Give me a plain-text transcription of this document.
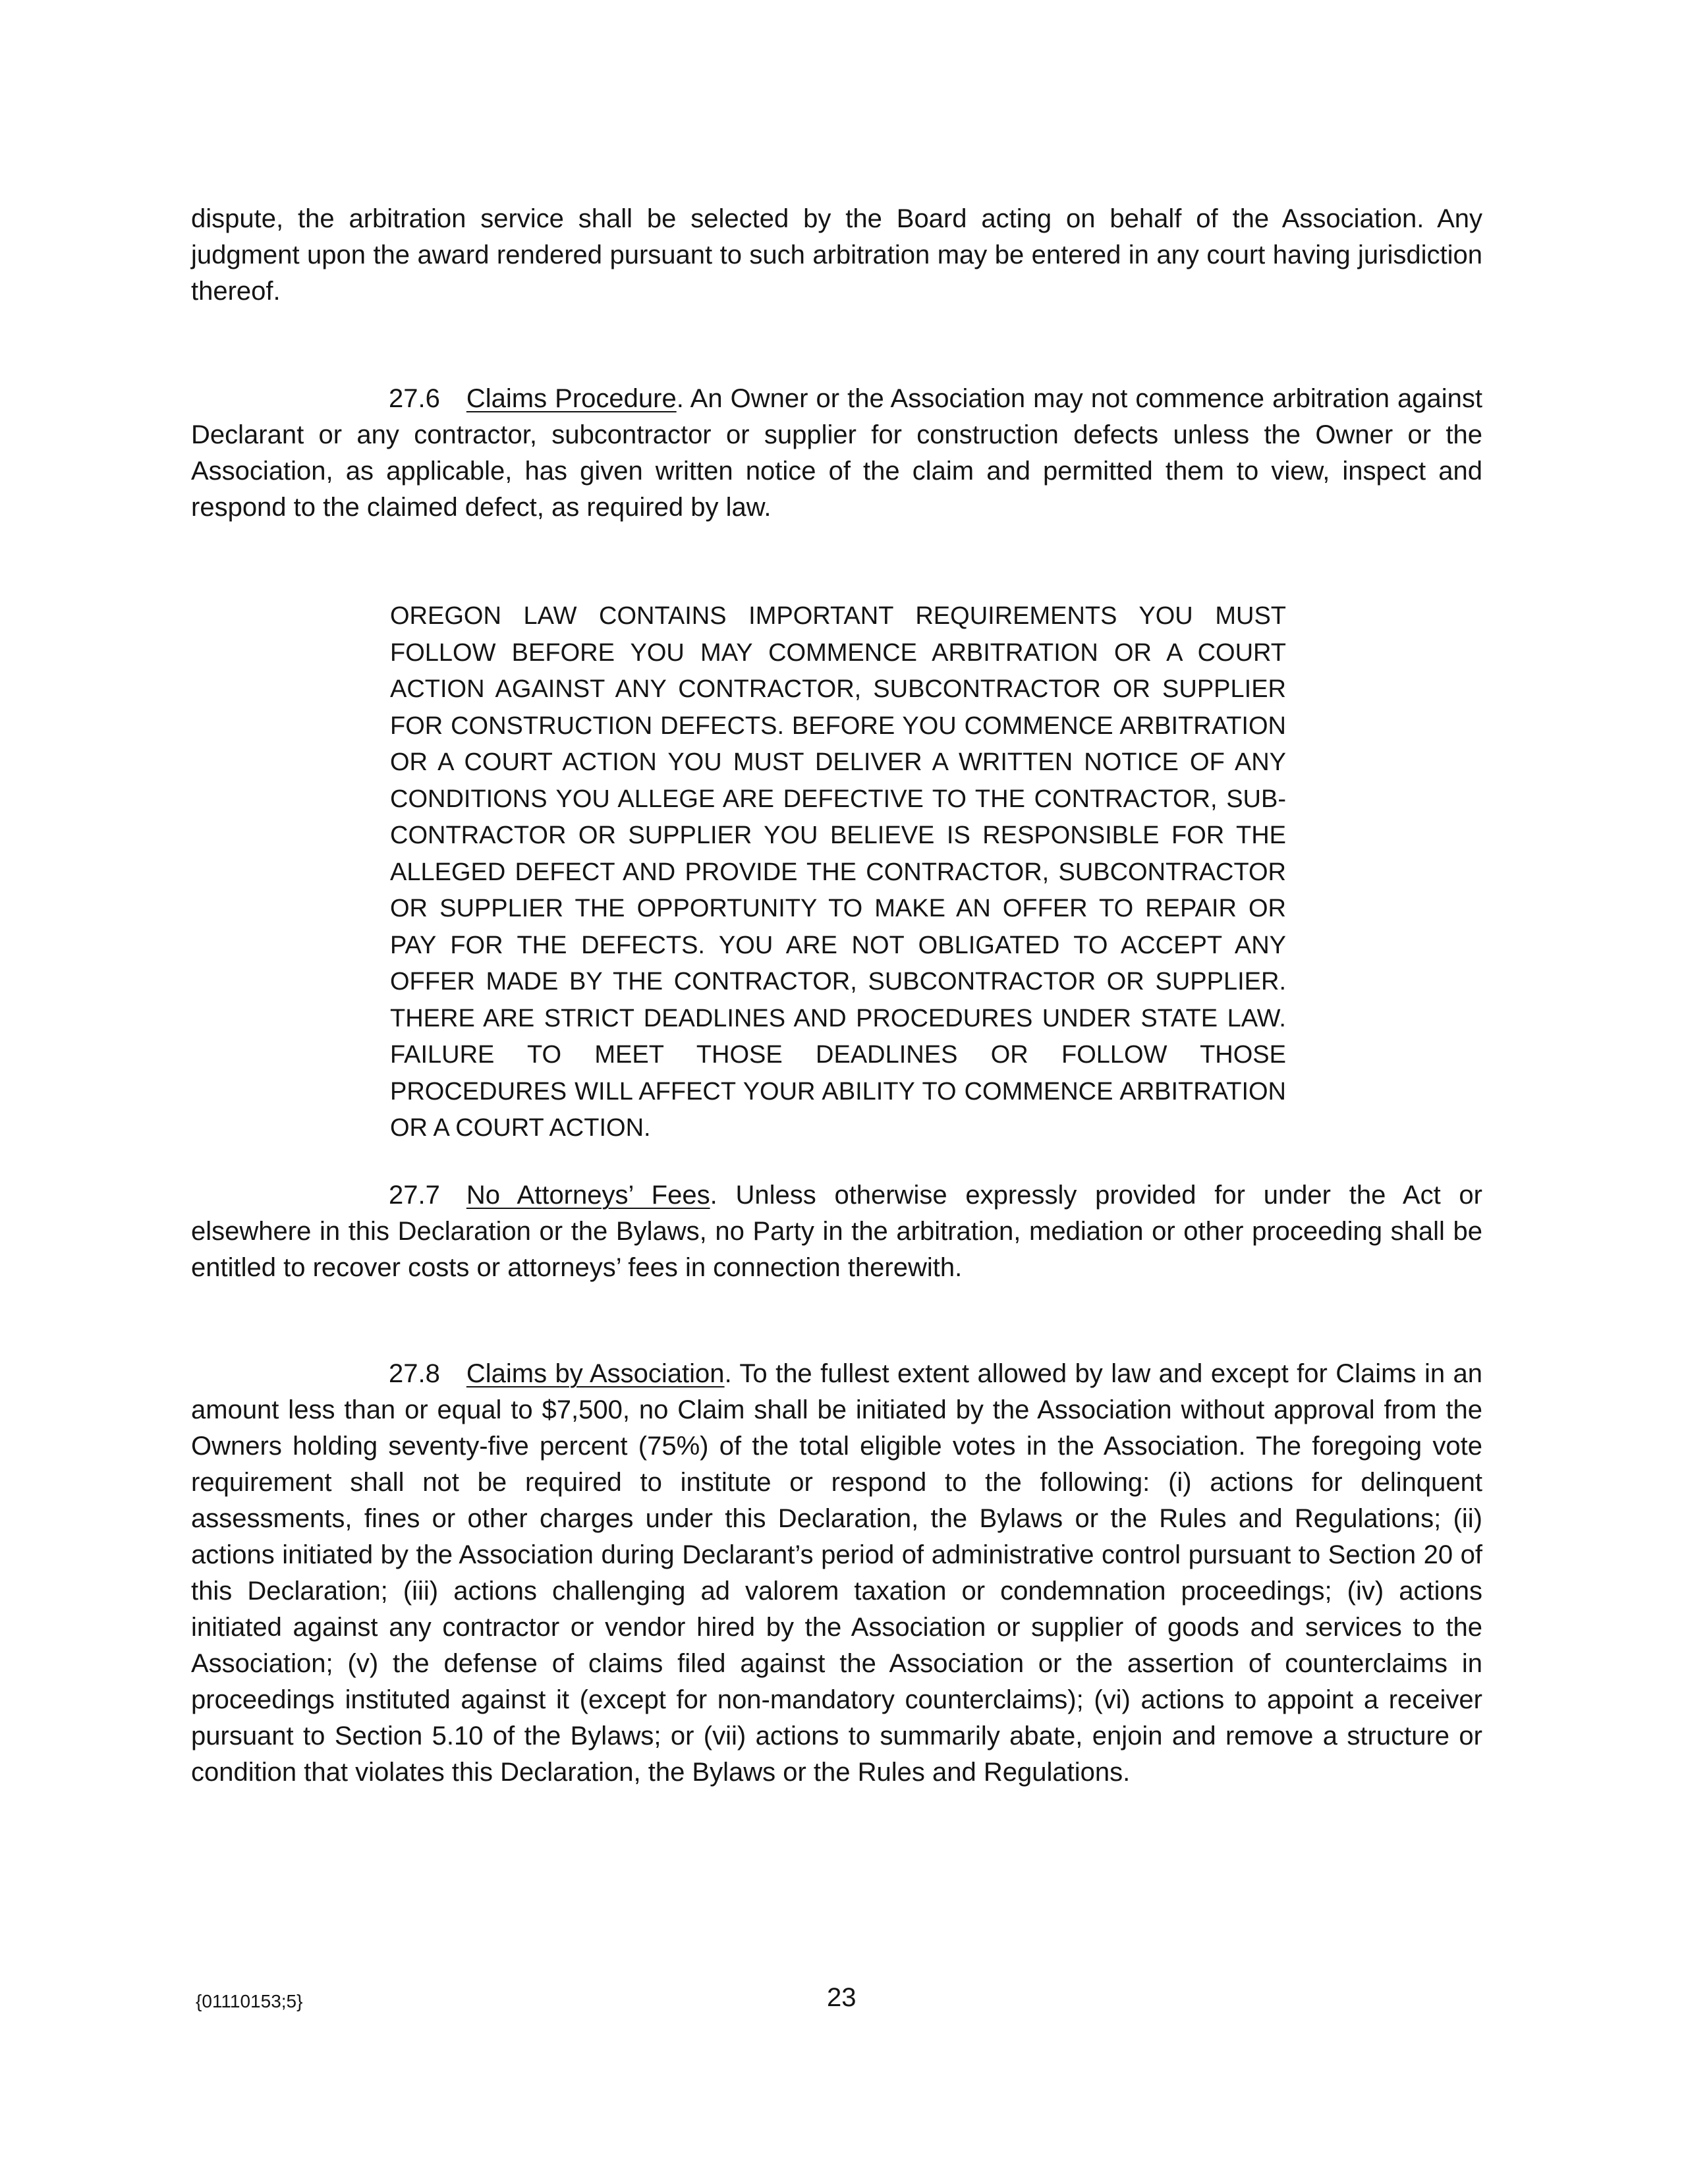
dispute, the arbitration service shall be selected by the Board acting on behalf of the Association. Any judgment upon the award rendered pursuant to such arbitration may be entered in any court having jurisdiction thereof.

27.6 Claims Procedure. An Owner or the Association may not commence arbitration against Declarant or any contractor, subcontractor or supplier for construction defects unless the Owner or the Association, as applicable, has given written notice of the claim and permitted them to view, inspect and respond to the claimed defect, as required by law.

OREGON LAW CONTAINS IMPORTANT REQUIREMENTS YOU MUST FOLLOW BEFORE YOU MAY COMMENCE ARBITRATION OR A COURT ACTION AGAINST ANY CONTRACTOR, SUBCONTRACTOR OR SUPPLIER FOR CONSTRUCTION DEFECTS. BEFORE YOU COMMENCE ARBITRATION OR A COURT ACTION YOU MUST DELIVER A WRITTEN NOTICE OF ANY CONDITIONS YOU ALLEGE ARE DEFECTIVE TO THE CONTRACTOR, SUB-CONTRACTOR OR SUPPLIER YOU BELIEVE IS RESPONSIBLE FOR THE ALLEGED DEFECT AND PROVIDE THE CONTRACTOR, SUBCONTRACTOR OR SUPPLIER THE OPPORTUNITY TO MAKE AN OFFER TO REPAIR OR PAY FOR THE DEFECTS. YOU ARE NOT OBLIGATED TO ACCEPT ANY OFFER MADE BY THE CONTRACTOR, SUBCONTRACTOR OR SUPPLIER. THERE ARE STRICT DEADLINES AND PROCEDURES UNDER STATE LAW. FAILURE TO MEET THOSE DEADLINES OR FOLLOW THOSE PROCEDURES WILL AFFECT YOUR ABILITY TO COMMENCE ARBITRATION OR A COURT ACTION.

27.7 No Attorneys’ Fees. Unless otherwise expressly provided for under the Act or elsewhere in this Declaration or the Bylaws, no Party in the arbitration, mediation or other proceeding shall be entitled to recover costs or attorneys’ fees in connection therewith.

27.8 Claims by Association. To the fullest extent allowed by law and except for Claims in an amount less than or equal to $7,500, no Claim shall be initiated by the Association without approval from the Owners holding seventy-five percent (75%) of the total eligible votes in the Association. The foregoing vote requirement shall not be required to institute or respond to the following: (i) actions for delinquent assessments, fines or other charges under this Declaration, the Bylaws or the Rules and Regulations; (ii) actions initiated by the Association during Declarant’s period of administrative control pursuant to Section 20 of this Declaration; (iii) actions challenging ad valorem taxation or condemnation proceedings; (iv) actions initiated against any contractor or vendor hired by the Association or supplier of goods and services to the Association; (v) the defense of claims filed against the Association or the assertion of counterclaims in proceedings instituted against it (except for non-mandatory counterclaims); (vi) actions to appoint a receiver pursuant to Section 5.10 of the Bylaws; or (vii) actions to summarily abate, enjoin and remove a structure or condition that violates this Declaration, the Bylaws or the Rules and Regulations.

{01110153;5}	23
